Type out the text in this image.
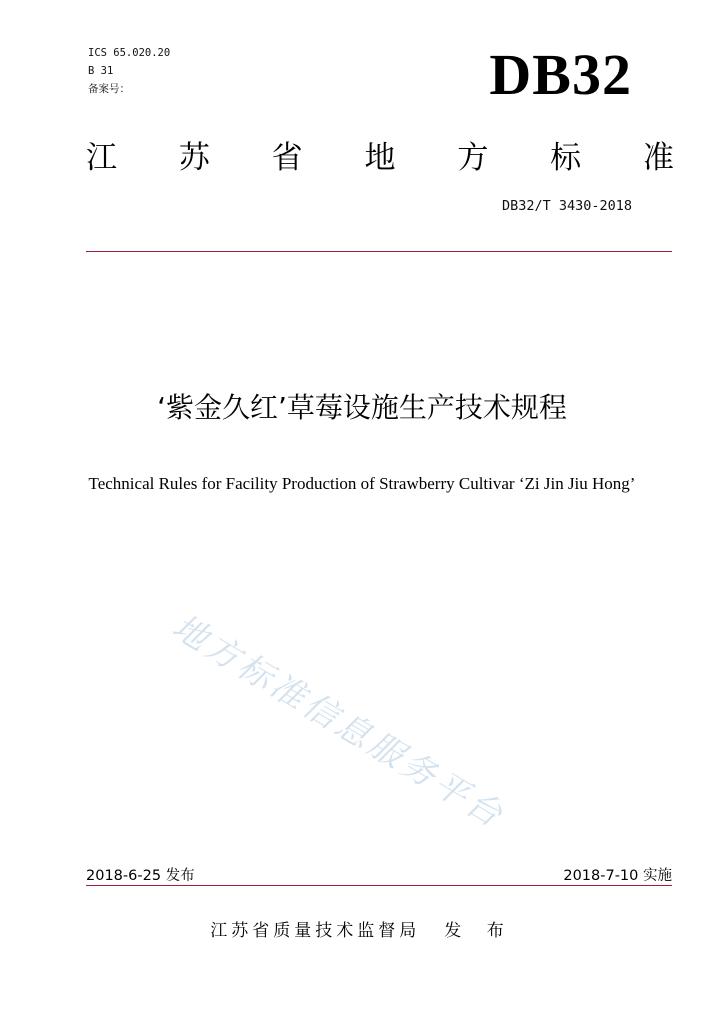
ICS 65.020.20
B 31
备案号：	DB32
江 苏 省 地 方 标 准
DB32/T 3430-2018
‘紫金久红’草莓设施生产技术规程
Technical Rules for Facility Production of Strawberry Cultivar ‘Zi Jin Jiu Hong’
地方标准信息服务平台
2018-6-25 发布	2018-7-10 实施
江苏省质量技术监督局 发 布
